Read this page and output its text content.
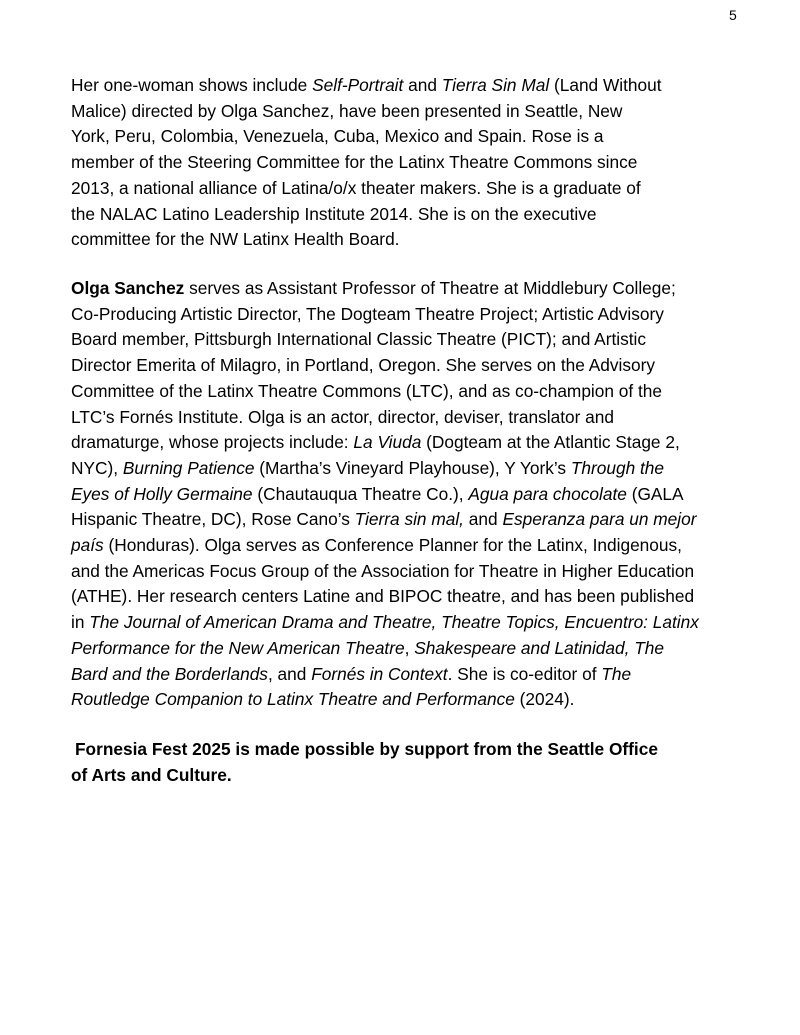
5
Her one-woman shows include Self-Portrait and Tierra Sin Mal (Land Without
Malice) directed by Olga Sanchez, have been presented in Seattle, New
York, Peru, Colombia, Venezuela, Cuba, Mexico and Spain. Rose is a
member of the Steering Committee for the Latinx Theatre Commons since
2013, a national alliance of Latina/o/x theater makers. She is a graduate of
the NALAC Latino Leadership Institute 2014. She is on the executive
committee for the NW Latinx Health Board.
Olga Sanchez serves as Assistant Professor of Theatre at Middlebury College;
Co-Producing Artistic Director, The Dogteam Theatre Project; Artistic Advisory
Board member, Pittsburgh International Classic Theatre (PICT); and Artistic
Director Emerita of Milagro, in Portland, Oregon. She serves on the Advisory
Committee of the Latinx Theatre Commons (LTC), and as co-champion of the
LTC’s Fornés Institute. Olga is an actor, director, deviser, translator and
dramaturge, whose projects include: La Viuda (Dogteam at the Atlantic Stage 2,
NYC), Burning Patience (Martha’s Vineyard Playhouse), Y York’s Through the
Eyes of Holly Germaine (Chautauqua Theatre Co.), Agua para chocolate (GALA
Hispanic Theatre, DC), Rose Cano’s Tierra sin mal, and Esperanza para un mejor
país (Honduras). Olga serves as Conference Planner for the Latinx, Indigenous,
and the Americas Focus Group of the Association for Theatre in Higher Education
(ATHE). Her research centers Latine and BIPOC theatre, and has been published
in The Journal of American Drama and Theatre, Theatre Topics, Encuentro: Latinx
Performance for the New American Theatre, Shakespeare and Latinidad, The
Bard and the Borderlands, and Fornés in Context. She is co-editor of The
Routledge Companion to Latinx Theatre and Performance (2024).
Fornesia Fest 2025 is made possible by support from the Seattle Office
of Arts and Culture.
